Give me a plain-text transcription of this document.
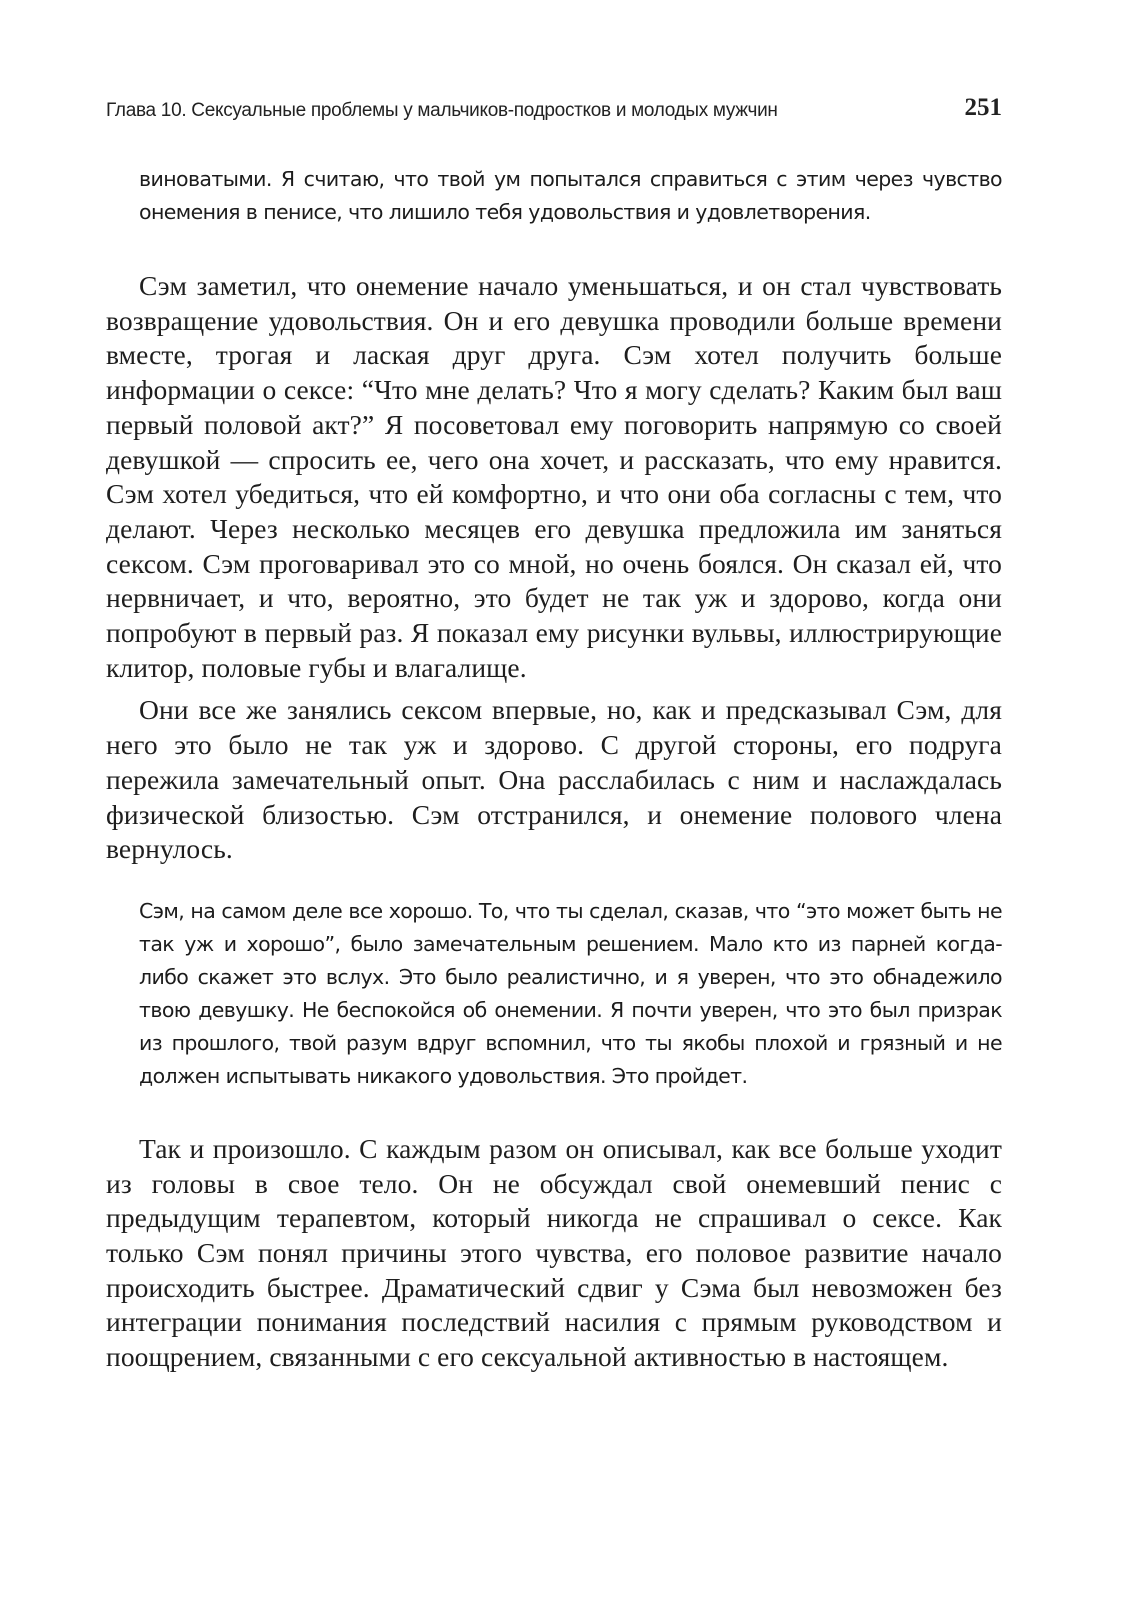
Глава 10. Сексуальные проблемы у мальчиков-подростков и молодых мужчин	251

виноватыми. Я считаю, что твой ум попытался справиться с этим через чувство онемения в пенисе, что лишило тебя удовольствия и удовлетворения.

Сэм заметил, что онемение начало уменьшаться, и он стал чувствовать возвращение удовольствия. Он и его девушка проводили больше времени вместе, трогая и лаская друг друга. Сэм хотел получить больше информации о сексе: “Что мне делать? Что я могу сделать? Каким был ваш первый половой акт?” Я посоветовал ему поговорить напрямую со своей девушкой — спросить ее, чего она хочет, и рассказать, что ему нравится. Сэм хотел убедиться, что ей комфортно, и что они оба согласны с тем, что делают. Через несколько месяцев его девушка предложила им заняться сексом. Сэм проговаривал это со мной, но очень боялся. Он сказал ей, что нервничает, и что, вероятно, это будет не так уж и здорово, когда они попробуют в первый раз. Я показал ему рисунки вульвы, иллюстрирующие клитор, половые губы и влагалище.

Они все же занялись сексом впервые, но, как и предсказывал Сэм, для него это было не так уж и здорово. С другой стороны, его подруга пережила замечательный опыт. Она расслабилась с ним и наслаждалась физической близостью. Сэм отстранился, и онемение полового члена вернулось.

Сэм, на самом деле все хорошо. То, что ты сделал, сказав, что “это может быть не так уж и хорошо”, было замечательным решением. Мало кто из парней когда-либо скажет это вслух. Это было реалистично, и я уверен, что это обнадежило твою девушку. Не беспокойся об онемении. Я почти уверен, что это был призрак из прошлого, твой разум вдруг вспомнил, что ты якобы плохой и грязный и не должен испытывать никакого удовольствия. Это пройдет.

Так и произошло. С каждым разом он описывал, как все больше уходит из головы в свое тело. Он не обсуждал свой онемевший пенис с предыдущим терапевтом, который никогда не спрашивал о сексе. Как только Сэм понял причины этого чувства, его половое развитие начало происходить быстрее. Драматический сдвиг у Сэма был невозможен без интеграции понимания последствий насилия с прямым руководством и поощрением, связанными с его сексуальной активностью в настоящем.
